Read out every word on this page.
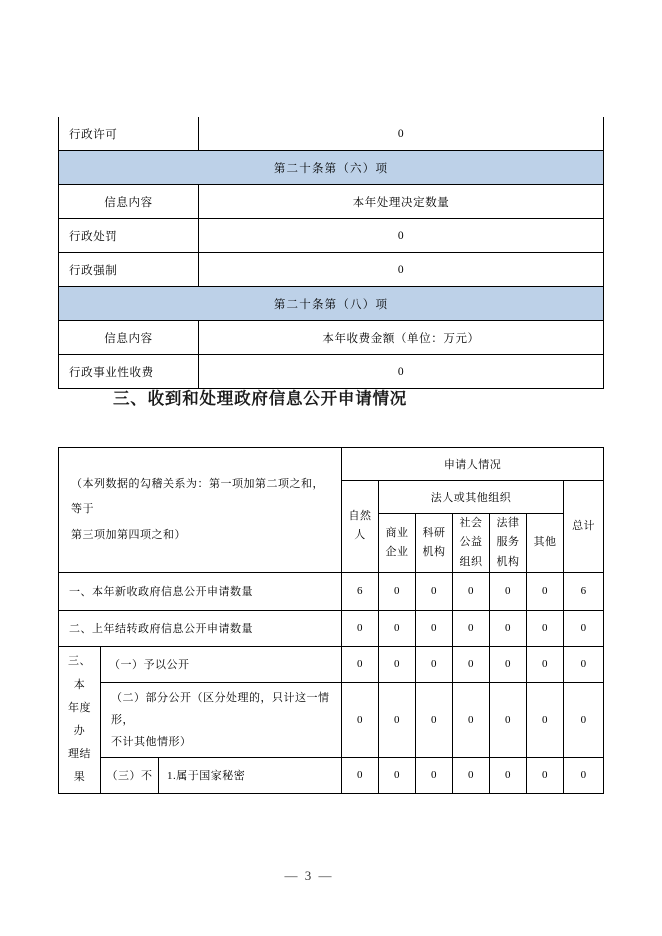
行政许可	0
第二十条第（六）项	
信息内容	本年处理决定数量
行政处罚	0
行政强制	0
第二十条第（八）项	
信息内容	本年收费金额（单位：万元）
行政事业性收费	0
三、收到和处理政府信息公开申请情况
（本列数据的勾稽关系为：第一项加第二项之和，等于
第三项加第四项之和）			申请人情况						

			自然人	法人或其他组织					总计

				商业企业	科研机构	社会公益组织	法律服务机构	其他	
一、本年新收政府信息公开申请数量			6	0	0	0	0	0	6
二、上年结转政府信息公开申请数量			0	0	0	0	0	0	0

三、本
年度办
理结果	（一）予以公开		0	0	0	0	0	0	0

	（二）部分公开（区分处理的，只计这一情形，
不计其他情形）		0	0	0	0	0	0	0
	（三）不	1.属于国家秘密	0	0	0	0	0	0	0
— 3 —
